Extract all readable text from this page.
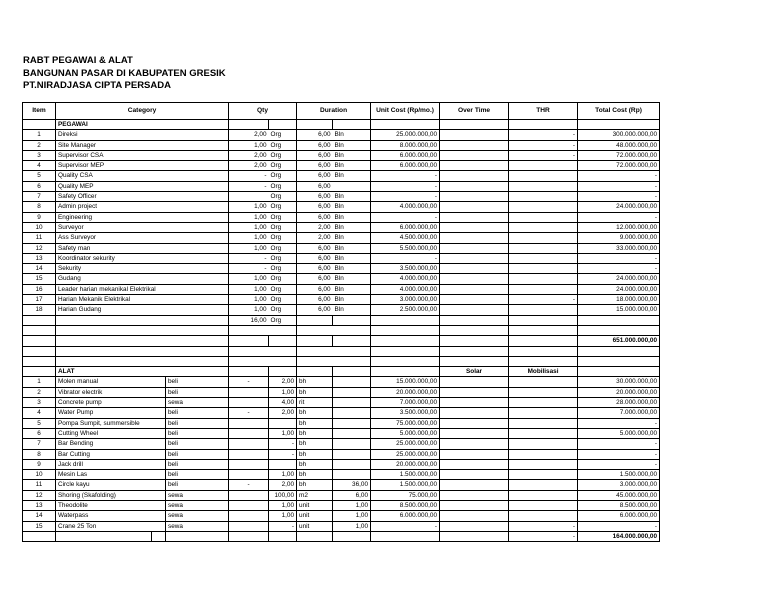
RABT PEGAWAI & ALAT
BANGUNAN PASAR DI KABUPATEN GRESIK
PT.NIRADJASA CIPTA PERSADA
Item	Category			Qty		Duration		Unit Cost (Rp/mo.)	Over Time	THR	Total Cost (Rp)
	PEGAWAI										
1	Direksi			2,00	Org	6,00	Bln	25.000.000,00		-	300.000.000,00
2	Site Manager			1,00	Org	6,00	Bln	8.000.000,00		-	48.000.000,00
3	Supervisor CSA			2,00	Org	6,00	Bln	6.000.000,00		-	72.000.000,00
4	Supervisor MEP			2,00	Org	6,00	Bln	6.000.000,00			72.000.000,00
5	Quality CSA			-	Org	6,00	Bln	-			-
6	Quality MEP			-	Org	6,00		-			-
7	Safety Officer				Org	6,00	Bln	-			-
8	Admin project			1,00	Org	6,00	Bln	4.000.000,00			24.000.000,00
9	Engineering			1,00	Org	6,00	Bln	-			-
10	Surveyor			1,00	Org	2,00	Bln	6.000.000,00			12.000.000,00
11	Ass Surveyor			1,00	Org	2,00	Bln	4.500.000,00			9.000.000,00
12	Safety man			1,00	Org	6,00	Bln	5.500.000,00			33.000.000,00
13	Koordinator sekurity			-	Org	6,00	Bln	-			-
14	Sekurity			-	Org	6,00	Bln	3.500.000,00			-
15	Gudang			1,00	Org	6,00	Bln	4.000.000,00			24.000.000,00
16	Leader harian mekanikal Elektrikal			1,00	Org	6,00	Bln	4.000.000,00			24.000.000,00
17	Harian Mekanik Elektrikal			1,00	Org	6,00	Bln	3.000.000,00		-	18.000.000,00
18	Harian Gudang			1,00	Org	6,00	Bln	2.500.000,00			15.000.000,00
				16,00	Org						

											651.000.000,00

	ALAT								Solar	Mobilisasi	
1	Molen manual		beli	-	2,00	bh		15.000.000,00			30.000.000,00
2	Vibrator electrik		beli		1,00	bh		20.000.000,00			20.000.000,00
3	Concrete pump		sewa		4,00	rit		7.000.000,00			28.000.000,00
4	Water Pump		beli	-	2,00	bh		3.500.000,00			7.000.000,00
5	Pompa Sumpit, summersible		beli			bh		75.000.000,00			-
6	Cutting Wheel		beli		1,00	bh		5.000.000,00			5.000.000,00
7	Bar Bending		beli		-	bh		25.000.000,00			-
8	Bar Cutting		beli		-	bh		25.000.000,00			-
9	Jack drill		beli			bh		20.000.000,00			-
10	Mesin Las		beli		1,00	bh		1.500.000,00			1.500.000,00
11	Circle kayu		beli	-	2,00	bh	36,00	1.500.000,00			3.000.000,00
12	Shoring (Skafolding)		sewa		100,00	m2	6,00	75.000,00			45.000.000,00
13	Theodolite		sewa		1,00	unit	1,00	8.500.000,00			8.500.000,00
14	Waterpass		sewa		1,00	unit	1,00	6.000.000,00			6.000.000,00
15	Crane 25 Ton		sewa		-	unit	1,00	-		-	-
										-	164.000.000,00
